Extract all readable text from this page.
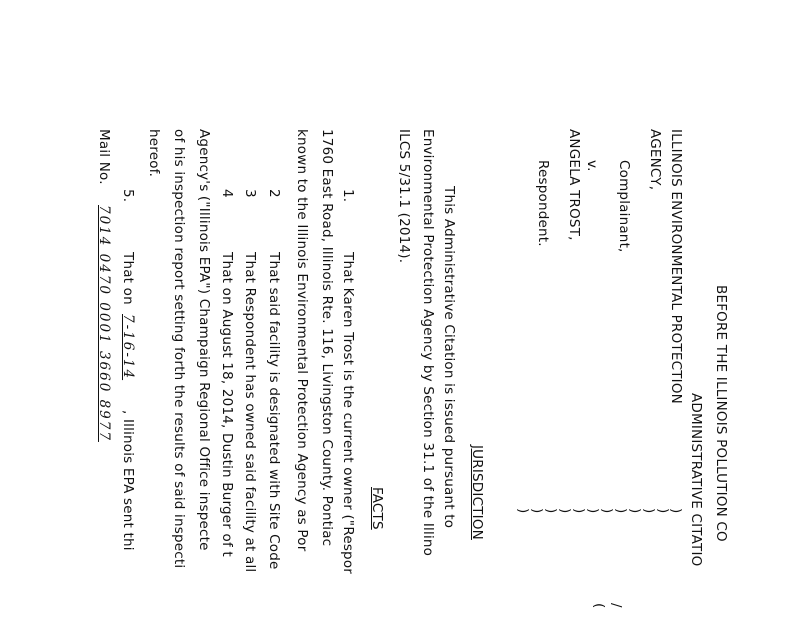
BEFORE THE ILLINOIS POLLUTION CO
ADMINISTRATIVE CITATIO
ILLINOIS ENVIRONMENTAL PROTECTION
AGENCY,
Complainant,
v.
ANGELA TROST,
Respondent.
)
)
)
)
)
)
)
)
)
)
)
)
/
(
JURISDICTION
This Administrative Citation is issued pursuant to
Environmental Protection Agency by Section 31.1 of the Illino
ILCS 5/31.1 (2014).
FACTS
1.
That Karen Trost is the current owner ("Respor
1760 East Road, Illinois Rte. 116, Livingston County. Pontiac
known to the Illinois Environmental Protection Agency as Por
2
That said facility is designated with Site Code
3
That Respondent has owned said facility at all
4
That on August 18, 2014, Dustin Burger of t
Agency's ("Illinois EPA") Champaign Regional Office inspecte
of his inspection report setting forth the results of said inspecti
hereof.
5.
That on
7-16-14
, Illinois EPA sent thi
Mail No.
7014 0470 0001 3660 8977
